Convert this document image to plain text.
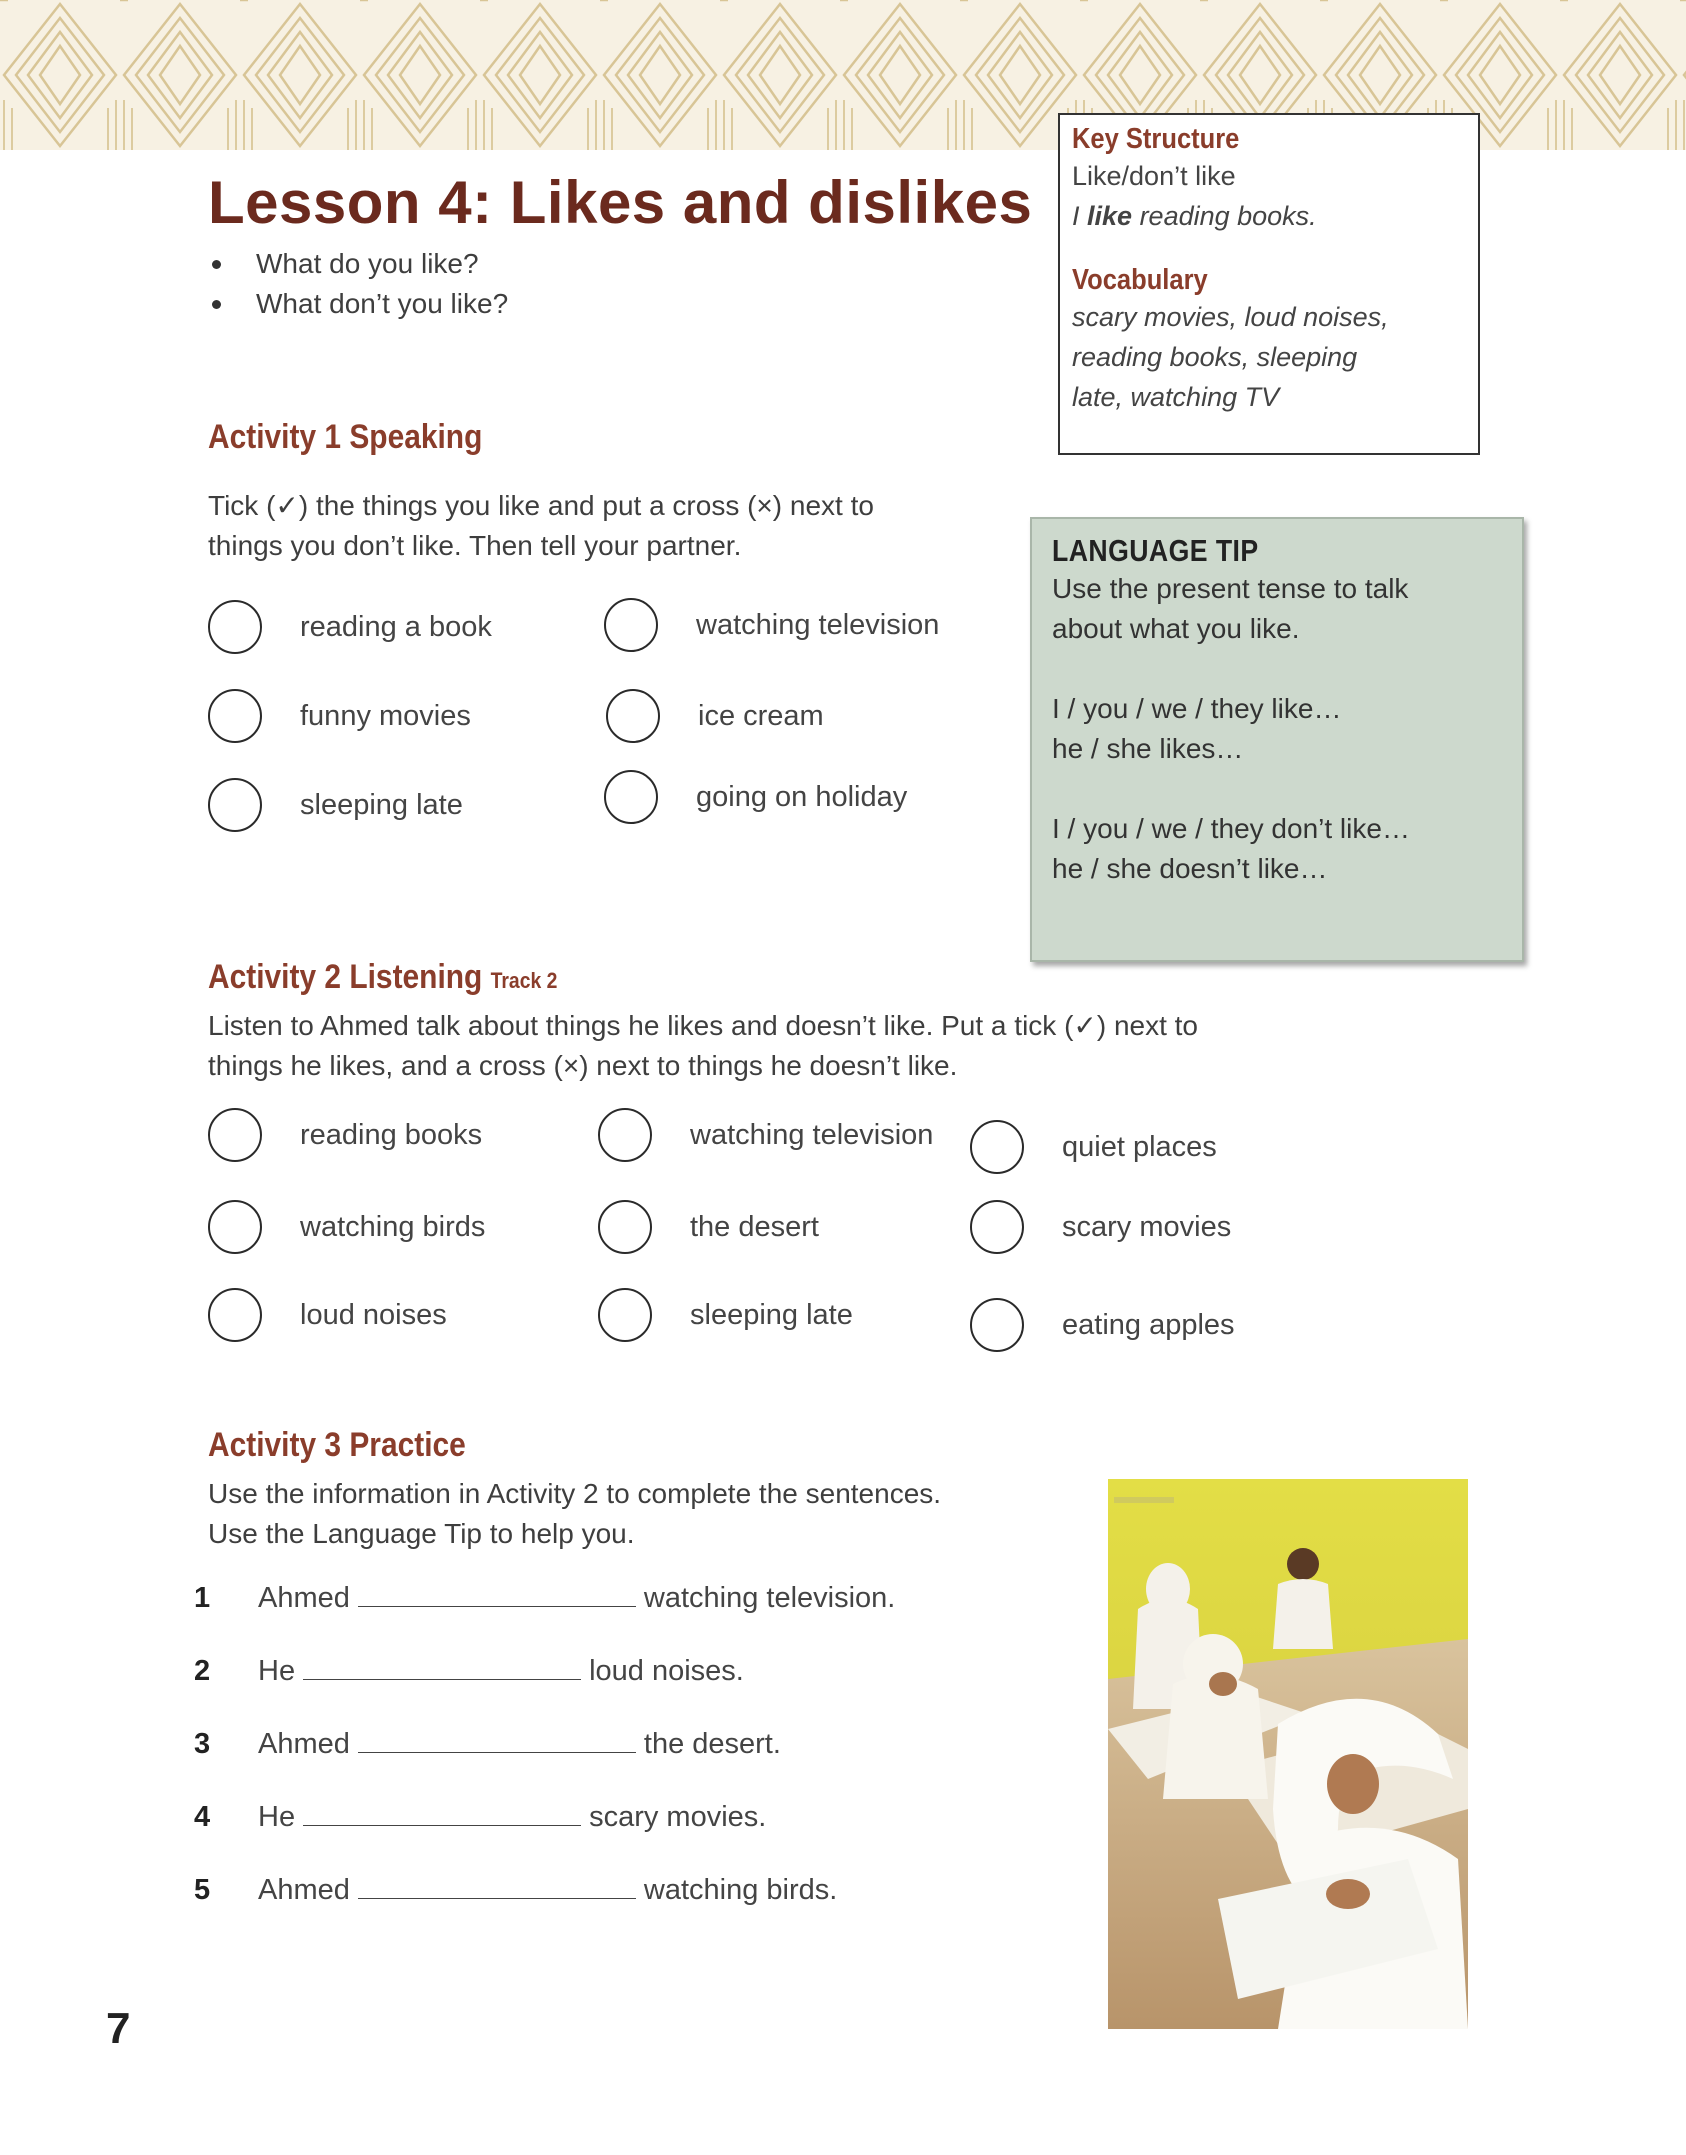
Lesson 4: Likes and dislikes
What do you like?
What don’t you like?
Key Structure
Like/don’t like
I like reading books.
Vocabulary
scary movies, loud noises,
reading books, sleeping
late, watching TV
Activity 1 Speaking
Tick (✓) the things you like and put a cross (×) next to
things you don’t like. Then tell your partner.
reading a book	watching television
funny movies	ice cream
sleeping late	going on holiday
LANGUAGE TIP
Use the present tense to talk
about what you like.
I / you / we / they like…
he / she likes…
I / you / we / they don’t like…
he / she doesn’t like…
Activity 2 Listening Track 2
Listen to Ahmed talk about things he likes and doesn’t like. Put a tick (✓) next to
things he likes, and a cross (×) next to things he doesn’t like.
reading books	watching television	quiet places
watching birds	the desert	scary movies
loud noises	sleeping late	eating apples
Activity 3 Practice
Use the information in Activity 2 to complete the sentences.
Use the Language Tip to help you.
1	Ahmed	watching television.
2	He	loud noises.
3	Ahmed	the desert.
4	He	scary movies.
5	Ahmed	watching birds.
7
